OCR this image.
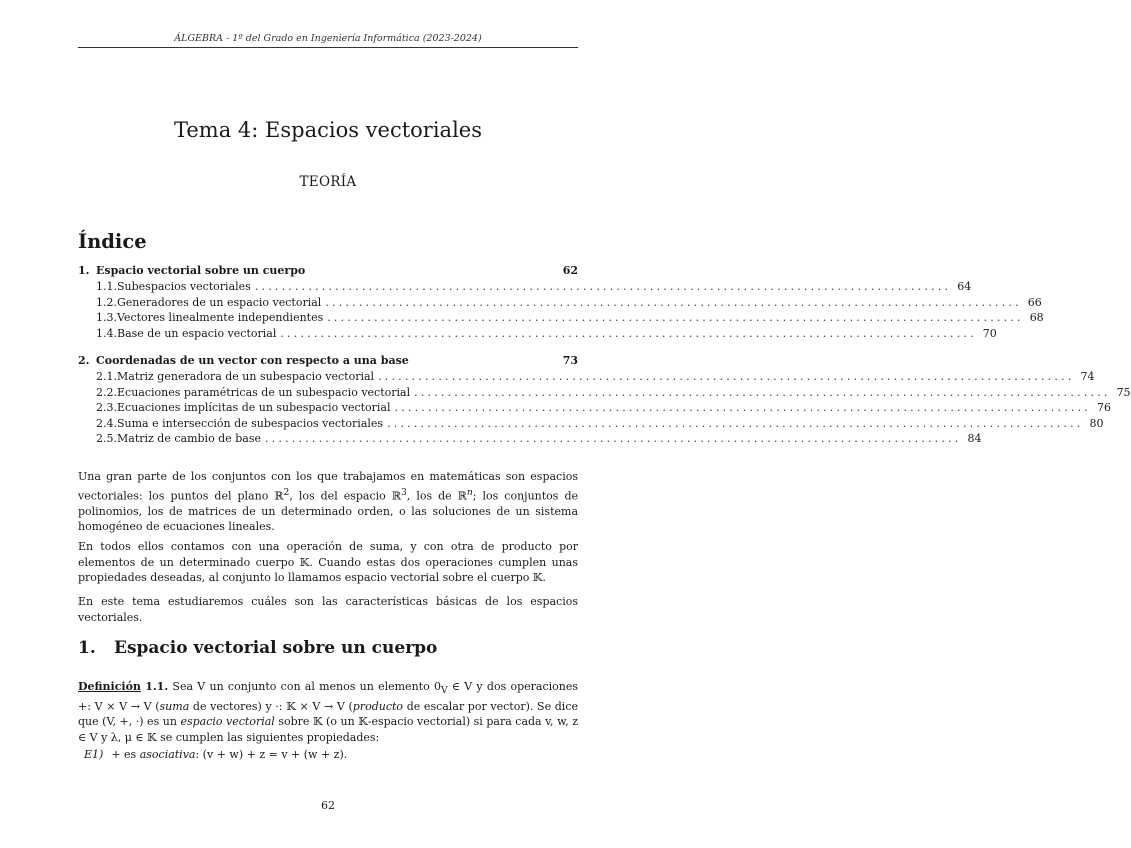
ÁLGEBRA - 1º del Grado en Ingeniería Informática (2023-2024)
Tema 4: Espacios vectoriales
TEORÍA
Índice
1. Espacio vectorial sobre un cuerpo	62
1.1. Subespacios vectoriales ........................................................................................................ 64
1.2. Generadores de un espacio vectorial ........................................................................................................ 66
1.3. Vectores linealmente independientes ........................................................................................................ 68
1.4. Base de un espacio vectorial ........................................................................................................ 70
2. Coordenadas de un vector con respecto a una base	73
2.1. Matriz generadora de un subespacio vectorial ........................................................................................................ 74
2.2. Ecuaciones paramétricas de un subespacio vectorial ........................................................................................................ 75
2.3. Ecuaciones implícitas de un subespacio vectorial ........................................................................................................ 76
2.4. Suma e intersección de subespacios vectoriales ........................................................................................................ 80
2.5. Matriz de cambio de base ........................................................................................................ 84

Una gran parte de los conjuntos con los que trabajamos en matemáticas son espacios vectoriales: los puntos del plano ℝ$^2$, los del espacio ℝ$^3$, los de ℝ$^n$; los conjuntos de polinomios, los de matrices de un determinado orden, o las soluciones de un sistema homogéneo de ecuaciones lineales.

En todos ellos contamos con una operación de suma, y con otra de producto por elementos de un determinado cuerpo 𝕂. Cuando estas dos operaciones cumplen unas propiedades deseadas, al conjunto lo llamamos espacio vectorial sobre el cuerpo 𝕂.

En este tema estudiaremos cuáles son las características básicas de los espacios vectoriales.

1. Espacio vectorial sobre un cuerpo

Definición 1.1. Sea V un conjunto con al menos un elemento $0_V$ ∈ V y dos operaciones +: V × V → V (suma de vectores) y ·: 𝕂 × V → V (producto de escalar por vector). Se dice que (V, +, ·) es un espacio vectorial sobre 𝕂 (o un 𝕂-espacio vectorial) si para cada v, w, z ∈ V y λ, μ ∈ 𝕂 se cumplen las siguientes propiedades:

E1) + es asociativa: (v + w) + z = v + (w + z).
62
